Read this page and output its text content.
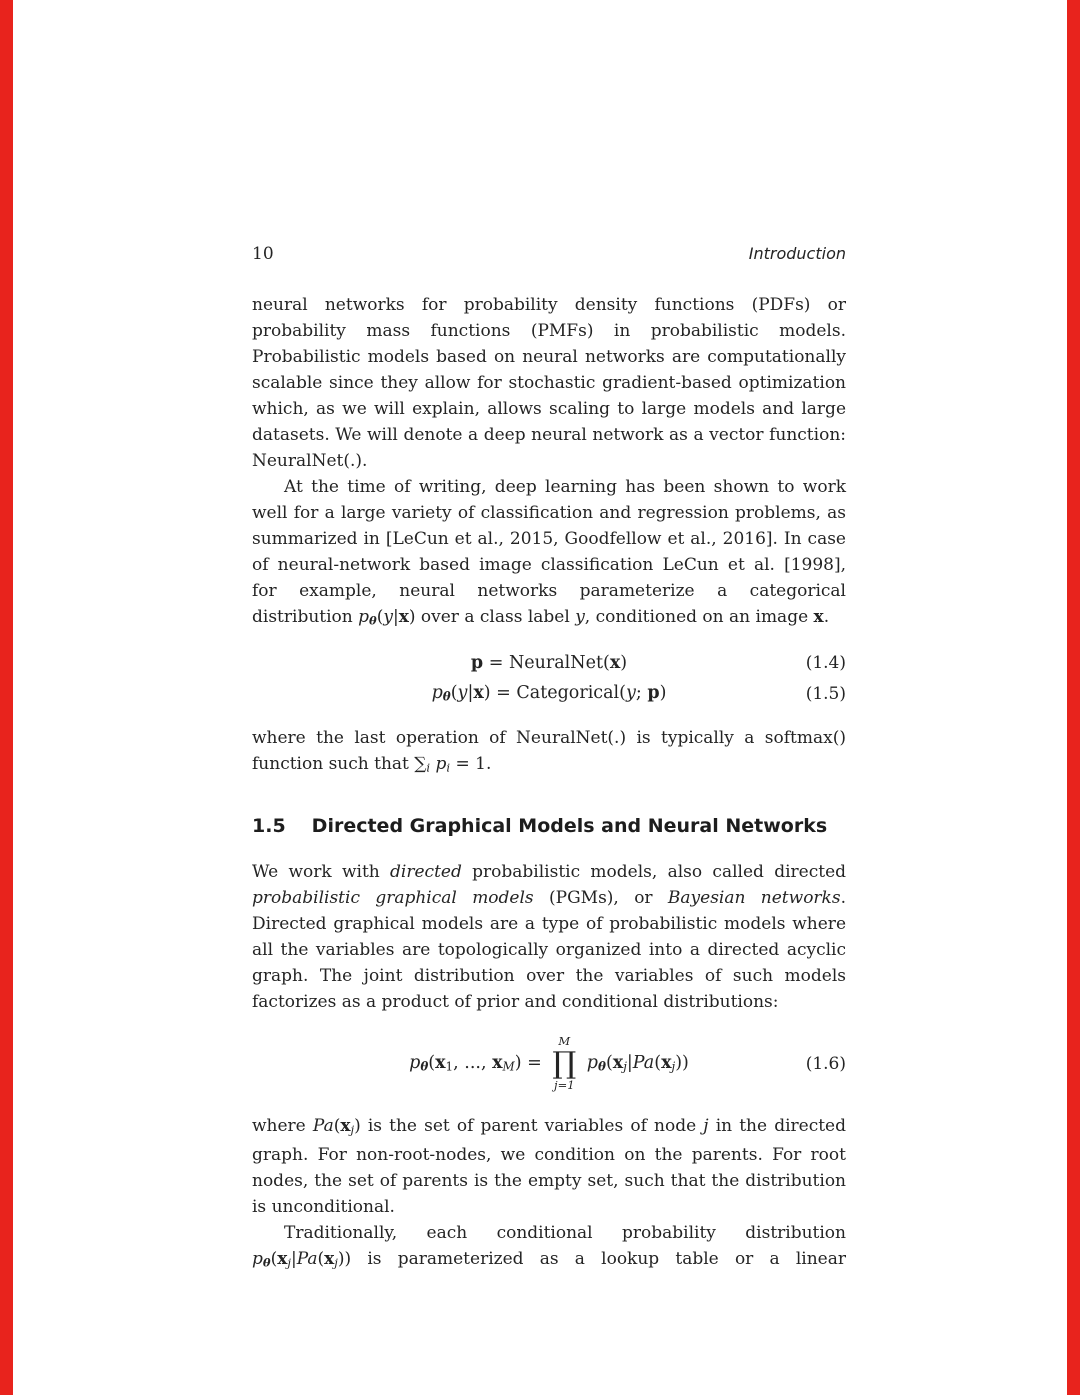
10	Introduction

neural networks for probability density functions (PDFs) or probability mass functions (PMFs) in probabilistic models. Probabilistic models based on neural networks are computationally scalable since they allow for stochastic gradient-based optimization which, as we will explain, allows scaling to large models and large datasets. We will denote a deep neural network as a vector function: NeuralNet(.).

At the time of writing, deep learning has been shown to work well for a large variety of classification and regression problems, as summarized in [LeCun et al., 2015, Goodfellow et al., 2016]. In case of neural-network based image classification LeCun et al. [1998], for example, neural networks parameterize a categorical distribution $p_\theta(y|x)$ over a class label y, conditioned on an image x.

p = NeuralNet(x)	(1.4)
$p_\theta(y|x)$ = Categorical(y; p)	(1.5)

where the last operation of NeuralNet(.) is typically a softmax() function such that $\sum_i$ $p_i = 1$.

1.5 Directed Graphical Models and Neural Networks

We work with directed probabilistic models, also called directed probabilistic graphical models (PGMs), or Bayesian networks. Directed graphical models are a type of probabilistic models where all the variables are topologically organized into a directed acyclic graph. The joint distribution over the variables of such models factorizes as a product of prior and conditional distributions:

$p_\theta(x_1$, ..., $x_M$) =
M
∏
j=1
$p_\theta(x_j|Pa(x_j))$	(1.6)

where $Pa(x_j)$ is the set of parent variables of node j in the directed graph. For non-root-nodes, we condition on the parents. For root nodes, the set of parents is the empty set, such that the distribution is unconditional.

Traditionally, each conditional probability distribution $p_\theta(x_j|Pa(x_j))$ is parameterized as a lookup table or a linear
